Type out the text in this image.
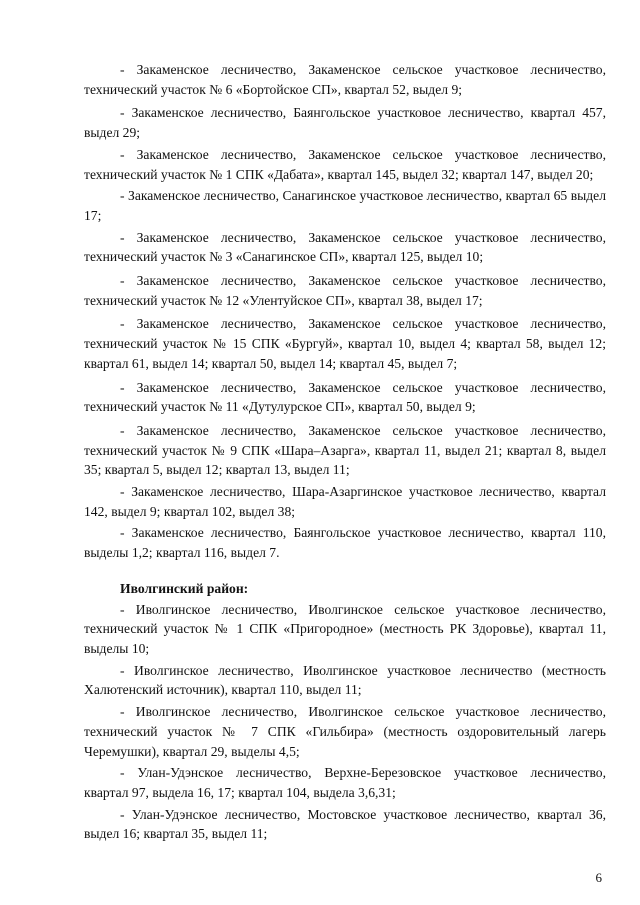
- Закаменское лесничество, Закаменское сельское участковое лесничество, технический участок № 6 «Бортойское СП», квартал 52, выдел 9;

- Закаменское лесничество, Баянгольское участковое лесничество, квартал 457, выдел 29;

- Закаменское лесничество, Закаменское сельское участковое лесничество, технический участок № 1 СПК «Дабата», квартал 145, выдел 32; квартал 147, выдел 20;

- Закаменское лесничество, Санагинское участковое лесничество, квартал 65 выдел 17;

- Закаменское лесничество, Закаменское сельское участковое лесничество, технический участок № 3 «Санагинское СП», квартал 125, выдел 10;

- Закаменское лесничество, Закаменское сельское участковое лесничество, технический участок № 12 «Улентуйское СП», квартал 38, выдел 17;

- Закаменское лесничество, Закаменское сельское участковое лесничество, технический участок № 15 СПК «Бургуй», квартал 10, выдел 4; квартал 58, выдел 12; квартал 61, выдел 14; квартал 50, выдел 14; квартал 45, выдел 7;

- Закаменское лесничество, Закаменское сельское участковое лесничество, технический участок № 11 «Дутулурское СП», квартал 50, выдел 9;

- Закаменское лесничество, Закаменское сельское участковое лесничество, технический участок № 9 СПК «Шара–Азарга», квартал 11, выдел 21; квартал 8, выдел 35; квартал 5, выдел 12; квартал 13, выдел 11;

- Закаменское лесничество, Шара-Азаргинское участковое лесничество, квартал 142, выдел 9; квартал 102, выдел 38;

- Закаменское лесничество, Баянгольское участковое лесничество, квартал 110, выделы 1,2; квартал 116, выдел 7.

Иволгинский район:

- Иволгинское лесничество, Иволгинское сельское участковое лесничество, технический участок № 1 СПК «Пригородное» (местность РК Здоровье), квартал 11, выделы 10;

- Иволгинское лесничество, Иволгинское участковое лесничество (местность Халютенский источник), квартал 110, выдел 11;

- Иволгинское лесничество, Иволгинское сельское участковое лесничество, технический участок № 7 СПК «Гильбира» (местность оздоровительный лагерь Черемушки), квартал 29, выделы 4,5;

- Улан-Удэнское лесничество, Верхне-Березовское участковое лесничество, квартал 97, выдела 16, 17; квартал 104, выдела 3,6,31;

- Улан-Удэнское лесничество, Мостовское участковое лесничество, квартал 36, выдел 16; квартал 35, выдел 11;

6
